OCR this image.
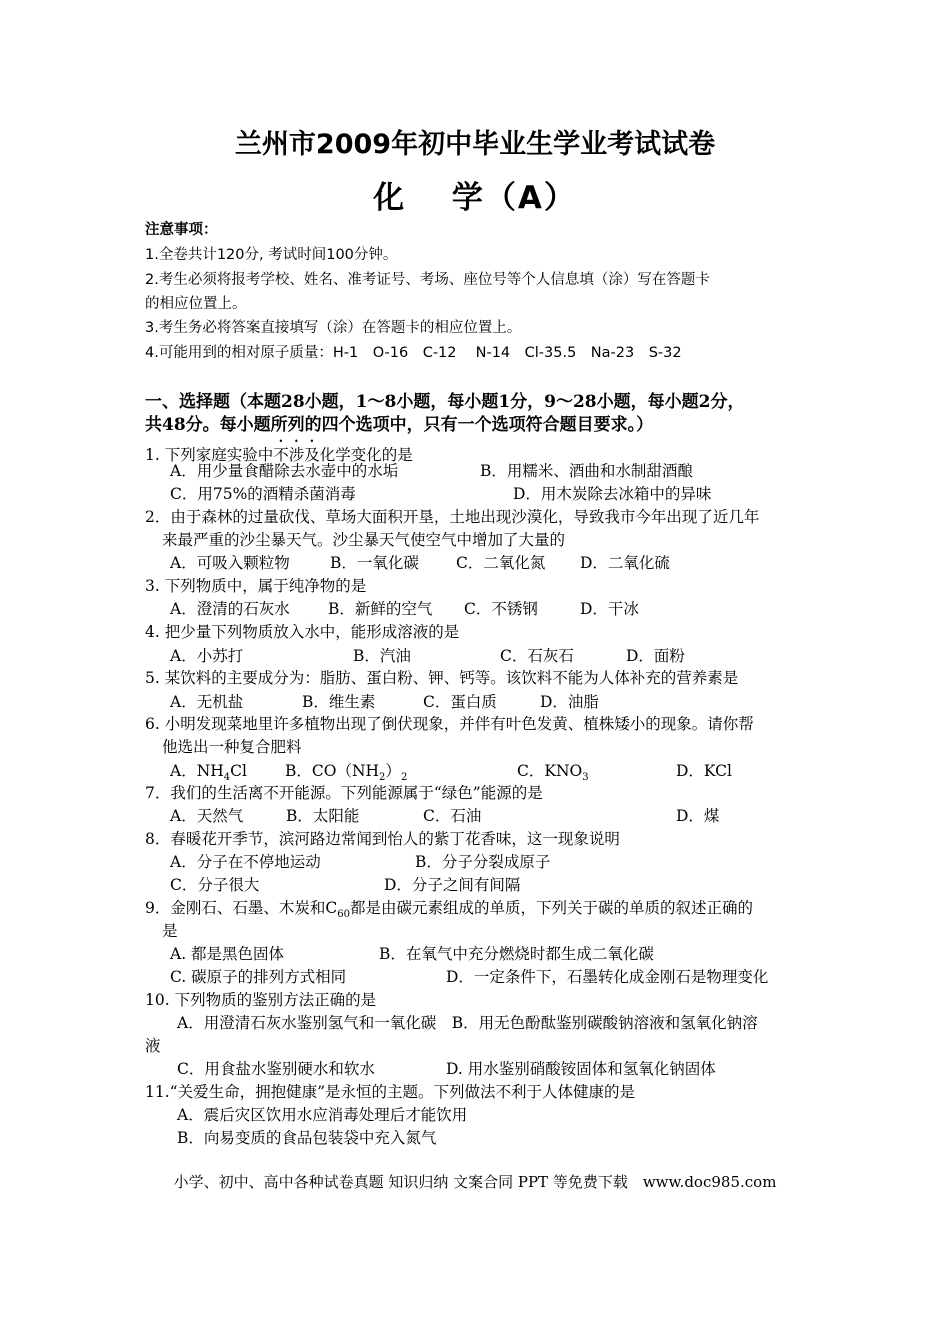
兰州市2009年初中毕业生学业考试试卷
化　 学（A）
注意事项：
1.全卷共计120分, 考试时间100分钟。
2.考生必须将报考学校、姓名、准考证号、考场、座位号等个人信息填（涂）写在答题卡
的相应位置上。
3.考生务必将答案直接填写（涂）在答题卡的相应位置上。
4.可能用到的相对原子质量：H-1　O-16　C-12　 N-14　Cl-35.5　Na-23　S-32
一、选择题（本题28小题，1～8小题，每小题1分，9～28小题，每小题2分，
共48分。每小题所列的四个选项中，只有一个选项符合题目要求。）
1. 下列家庭实验中不涉及化学变化的是
A．用少量食醋除去水壶中的水垢	B．用糯米、酒曲和水制甜酒酿
C．用75%的酒精杀菌消毒	D．用木炭除去冰箱中的异味
2．由于森林的过量砍伐、草场大面积开垦，土地出现沙漠化，导致我市今年出现了近几年
来最严重的沙尘暴天气。沙尘暴天气使空气中增加了大量的
A．可吸入颗粒物	B．一氧化碳 C．二氧化氮 D．二氧化硫
3. 下列物质中，属于纯净物的是
A．澄清的石灰水 B．新鲜的空气 C．不锈钢	D．干冰
4. 把少量下列物质放入水中，能形成溶液的是
A．小苏打	B．汽油	C．石灰石	D．面粉
5. 某饮料的主要成分为：脂肪、蛋白粉、钾、钙等。该饮料不能为人体补充的营养素是
A．无机盐	B．维生素	C．蛋白质	D．油脂
6. 小明发现菜地里许多植物出现了倒伏现象，并伴有叶色发黄、植株矮小的现象。请你帮
他选出一种复合肥料
A．$NH_4Cl$ B．$CO(NH_2)_2$	C．$KNO_3$	D．KCl
7．我们的生活离不开能源。下列能源属于“绿色”能源的是
A．天然气	B．太阳能	C．石油	D．煤
8．春暖花开季节，滨河路边常闻到怡人的紫丁花香味，这一现象说明
A．分子在不停地运动	B．分子分裂成原子
C．分子很大	D．分子之间有间隔
9．金刚石、石墨、木炭和$C_{60}$都是由碳元素组成的单质，下列关于碳的单质的叙述正确的
是
A. 都是黑色固体	B．在氧气中充分燃烧时都生成二氧化碳
C. 碳原子的排列方式相同	D．一定条件下，石墨转化成金刚石是物理变化
10. 下列物质的鉴别方法正确的是
A．用澄清石灰水鉴别氢气和一氧化碳　B．用无色酚酞鉴别碳酸钠溶液和氢氧化钠溶
液
C．用食盐水鉴别硬水和软水	D. 用水鉴别硝酸铵固体和氢氧化钠固体
11.“关爱生命，拥抱健康”是永恒的主题。下列做法不利于人体健康的是
A．震后灾区饮用水应消毒处理后才能饮用
B．向易变质的食品包装袋中充入氮气
小学、初中、高中各种试卷真题 知识归纳 文案合同 PPT 等免费下载　www.doc985.com
